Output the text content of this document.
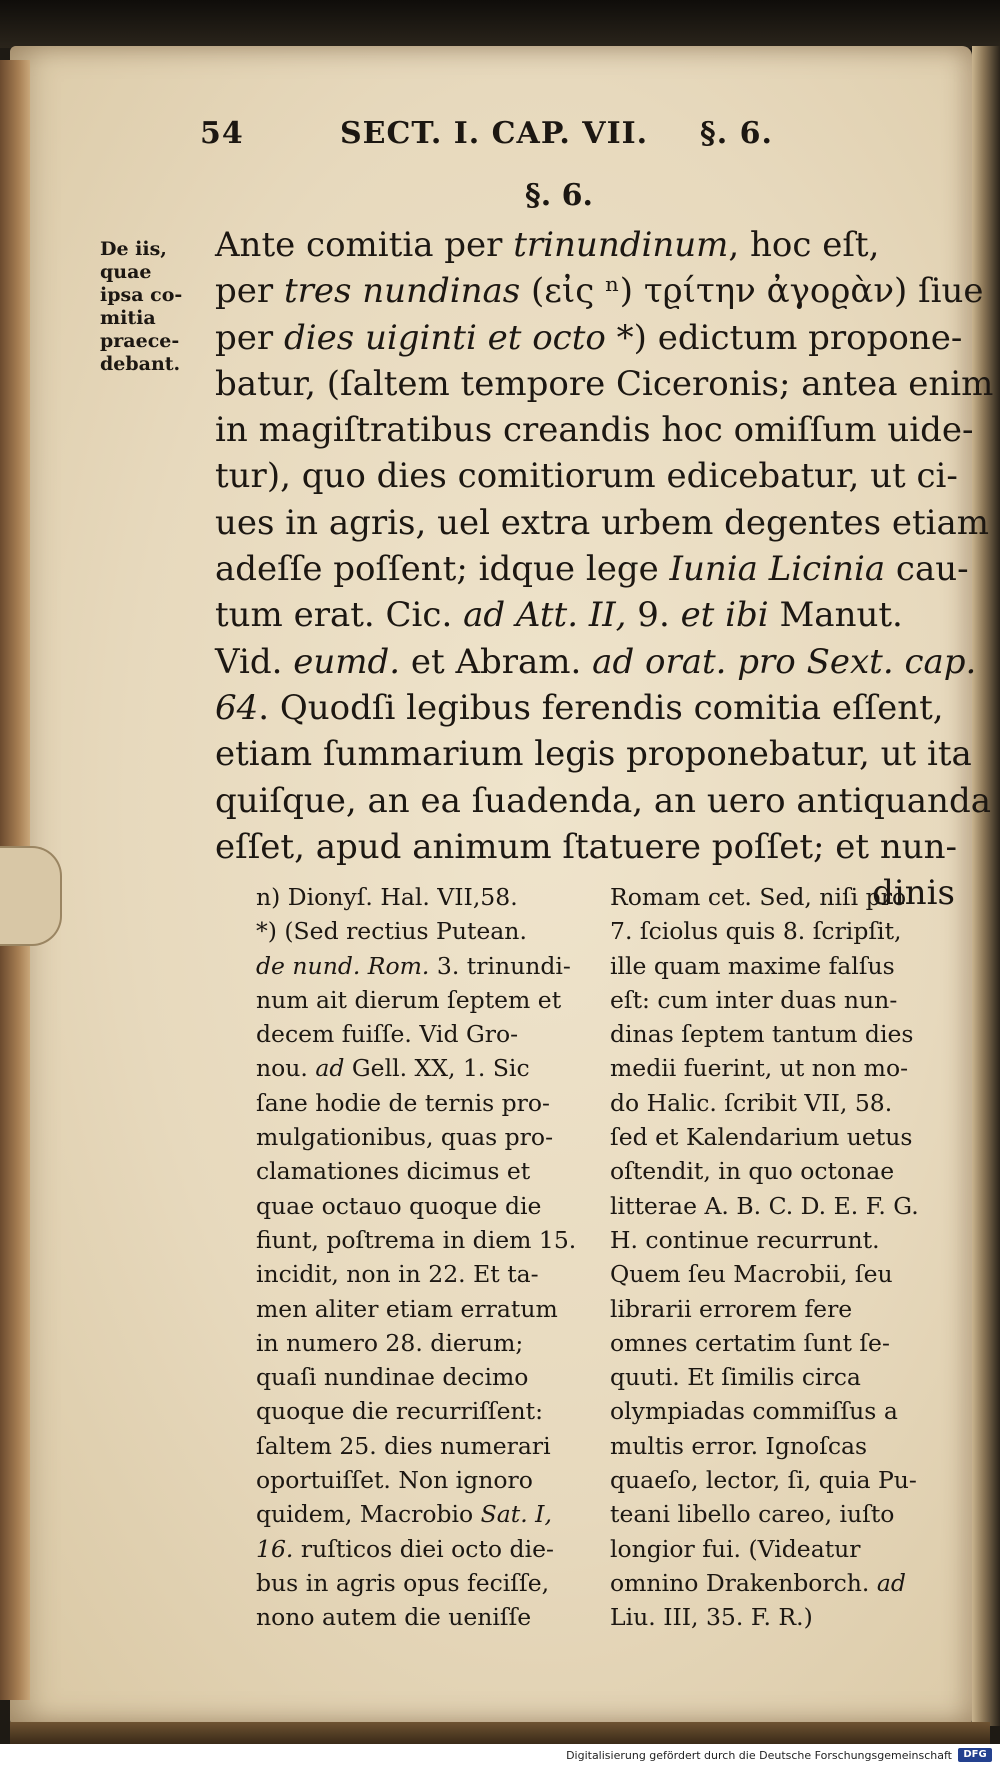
54	SECT. I. CAP. VII. §. 6.
§. 6.
De iis,
quae
ipsa co-
mitia
praece-
debant.
Ante comitia per trinundinum, hoc eſt,
per tres nundinas (εἰς ⁿ) τϱίτην ἀγοϱὰν) ſiue
per dies uiginti et octo *) edictum propone-
batur, (ſaltem tempore Ciceronis; antea enim
in magiſtratibus creandis hoc omiſſum uide-
tur), quo dies comitiorum edicebatur, ut ci-
ues in agris, uel extra urbem degentes etiam
adeſſe poſſent; idque lege Iunia Licinia cau-
tum erat. Cic. ad Att. II, 9. et ibi Manut.
Vid. eumd. et Abram. ad orat. pro Sext. cap.
64. Quodſi legibus ferendis comitia eſſent,
etiam ſummarium legis proponebatur, ut ita
quiſque, an ea ſuadenda, an uero antiquanda
eſſet, apud animum ſtatuere poſſet; et nun-
dinis
n) Dionyſ. Hal. VII,58.
*) (Sed rectius Putean.
de nund. Rom. 3. trinundi-
num ait dierum ſeptem et
decem fuiſſe. Vid Gro-
nou. ad Gell. XX, 1. Sic
ſane hodie de ternis pro-
mulgationibus, quas pro-
clamationes dicimus et
quae octauo quoque die
fiunt, poſtrema in diem 15.
incidit, non in 22. Et ta-
men aliter etiam erratum
in numero 28. dierum;
quaſi nundinae decimo
quoque die recurriſſent:
ſaltem 25. dies numerari
oportuiſſet. Non ignoro
quidem, Macrobio Sat. I,
16. ruſticos diei octo die-
bus in agris opus feciſſe,
nono autem die ueniſſe
Romam cet. Sed, niſi pro
7. ſciolus quis 8. ſcripſit,
ille quam maxime falſus
eſt: cum inter duas nun-
dinas ſeptem tantum dies
medii fuerint, ut non mo-
do Halic. ſcribit VII, 58.
ſed et Kalendarium uetus
oſtendit, in quo octonae
litterae A. B. C. D. E. F. G.
H. continue recurrunt.
Quem ſeu Macrobii, ſeu
librarii errorem fere
omnes certatim ſunt ſe-
quuti. Et ſimilis circa
olympiadas commiſſus a
multis error. Ignoſcas
quaeſo, lector, ſi, quia Pu-
teani libello careo, iuſto
longior fui. (Videatur
omnino Drakenborch. ad
Liu. III, 35. F. R.)
Digitalisierung gefördert durch die Deutsche Forschungsgemeinschaft	DFG
